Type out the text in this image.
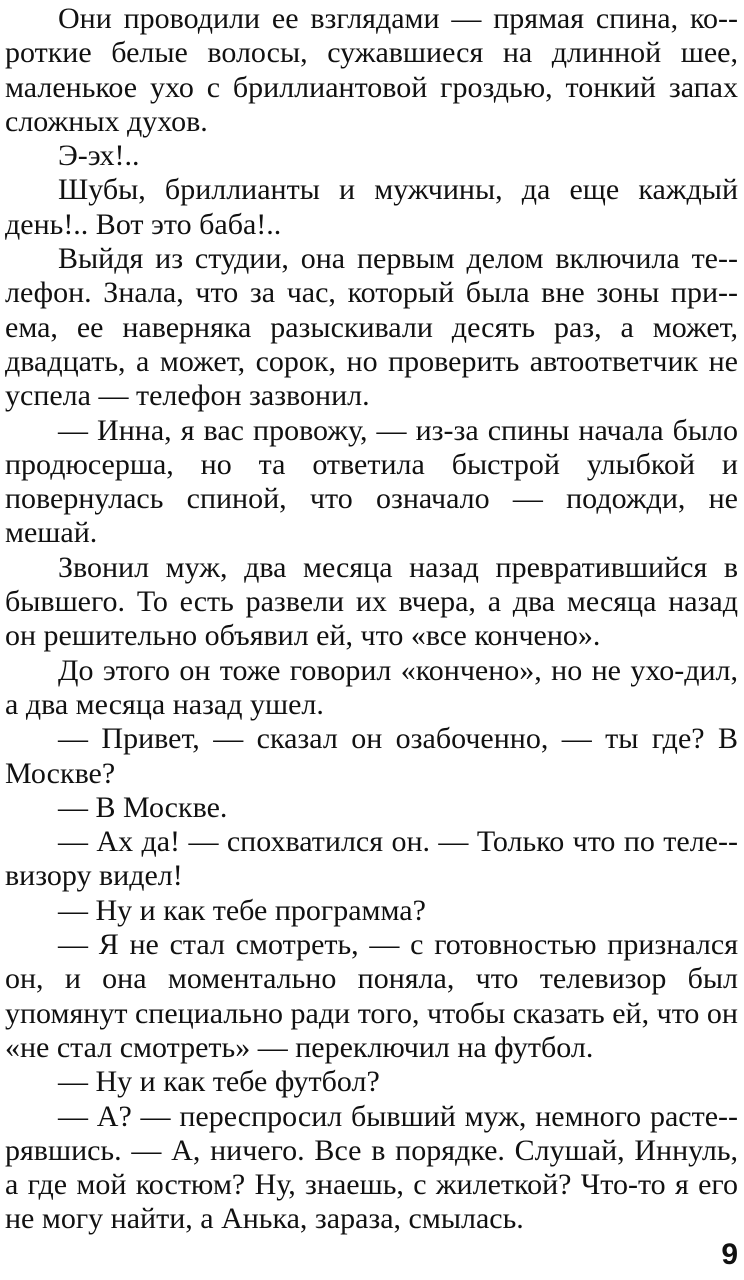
Они проводили ее взглядами — прямая спина, ко-роткие белые волосы, сужавшиеся на длинной шее, маленькое ухо с бриллиантовой гроздью, тонкий запах сложных духов.

Э-эх!..

Шубы, бриллианты и мужчины, да еще каждый день!.. Вот это баба!..

Выйдя из студии, она первым делом включила те-лефон. Знала, что за час, который была вне зоны при-ема, ее наверняка разыскивали десять раз, а может, двадцать, а может, сорок, но проверить автоответчик не успела — телефон зазвонил.

— Инна, я вас провожу, — из-за спины начала было продюсерша, но та ответила быстрой улыбкой и повернулась спиной, что означало — подожди, не мешай.

Звонил муж, два месяца назад превратившийся в бывшего. То есть развели их вчера, а два месяца назад он решительно объявил ей, что «все кончено».

До этого он тоже говорил «кончено», но не ухо-дил, а два месяца назад ушел.

— Привет, — сказал он озабоченно, — ты где? В Москве?

— В Москве.

— Ах да! — спохватился он. — Только что по теле-визору видел!

— Ну и как тебе программа?

— Я не стал смотреть, — с готовностью признался он, и она моментально поняла, что телевизор был упомянут специально ради того, чтобы сказать ей, что он «не стал смотреть» — переключил на футбол.

— Ну и как тебе футбол?

— А? — переспросил бывший муж, немного расте-рявшись. — А, ничего. Все в порядке. Слушай, Иннуль, а где мой костюм? Ну, знаешь, с жилеткой? Что-то я его не могу найти, а Анька, зараза, смылась.

9
